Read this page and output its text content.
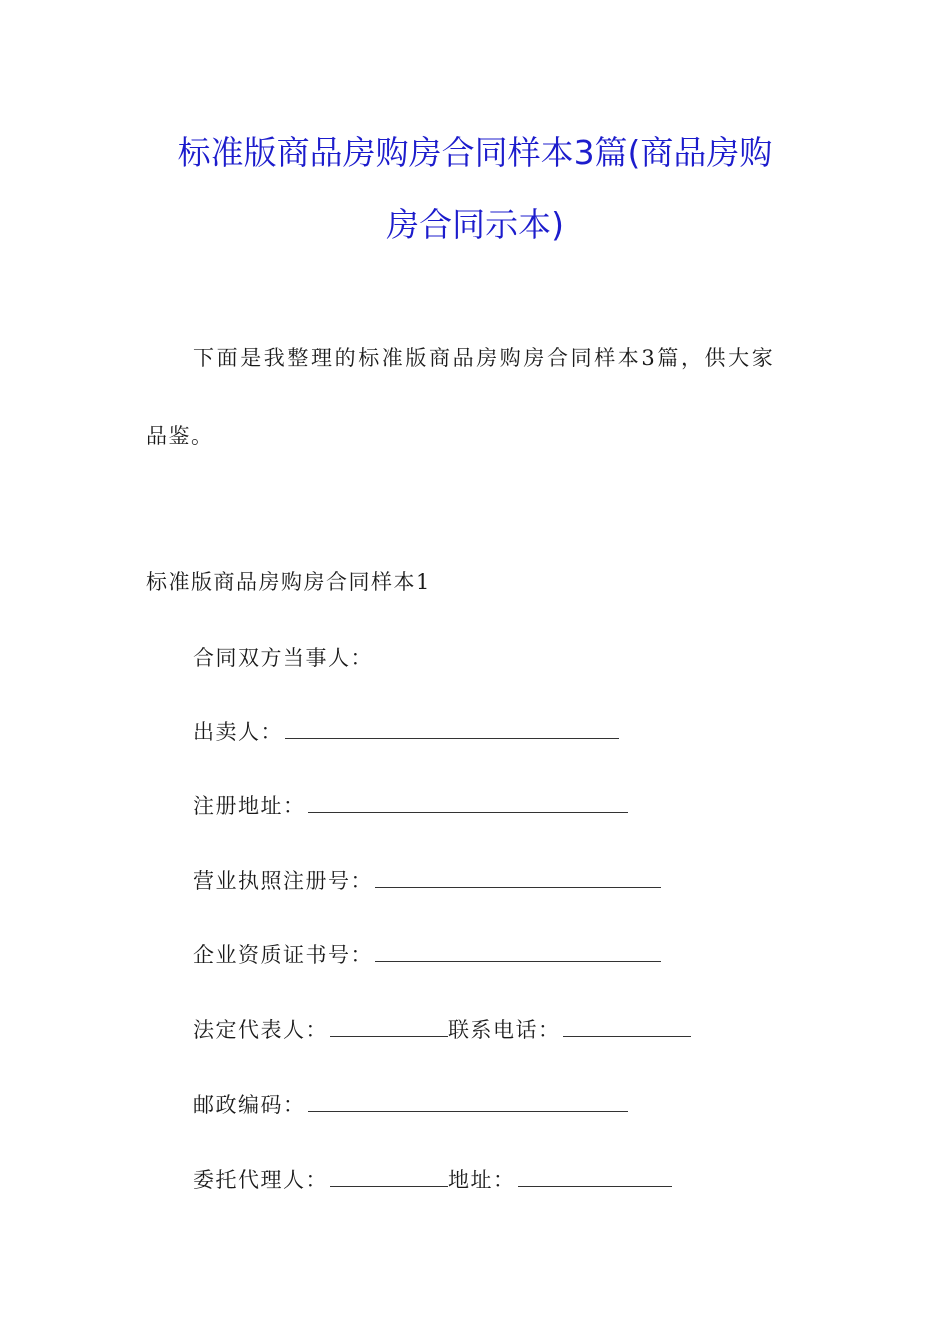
标准版商品房购房合同样本3篇(商品房购
房合同示本)

下面是我整理的标准版商品房购房合同样本3篇，供大家

品鉴。

标准版商品房购房合同样本1

合同双方当事人：

出卖人：

注册地址：

营业执照注册号：

企业资质证书号：

法定代表人：	联系电话：

邮政编码：

委托代理人：	地址：
